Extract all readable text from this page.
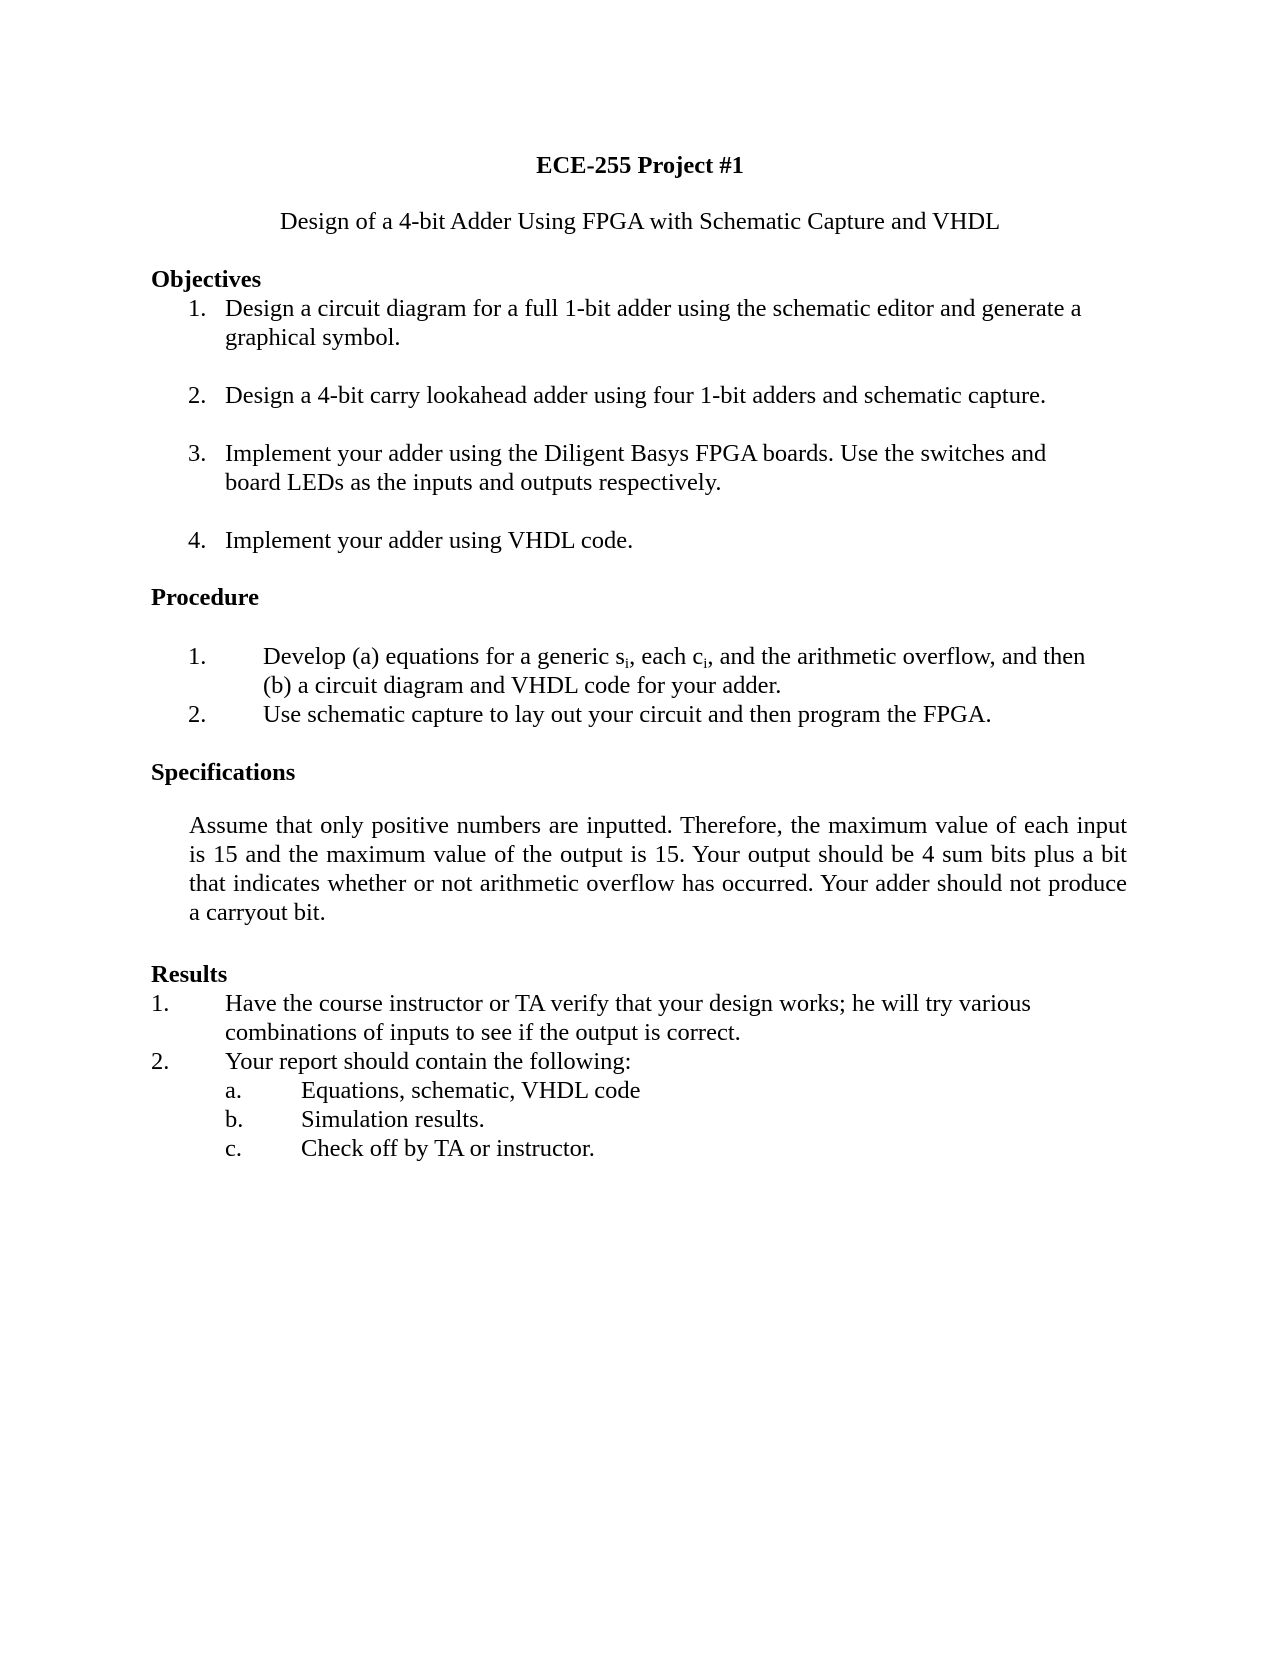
ECE-255 Project #1
Design of a 4-bit Adder Using FPGA with Schematic Capture and VHDL
Objectives
1. Design a circuit diagram for a full 1-bit adder using the schematic editor and generate a
graphical symbol.
2. Design a 4-bit carry lookahead adder using four 1-bit adders and schematic capture.
3. Implement your adder using the Diligent Basys FPGA boards. Use the switches and
board LEDs as the inputs and outputs respectively.
4. Implement your adder using VHDL code.
Procedure
1. Develop (a) equations for a generic $s_i$, each $c_i$, and the arithmetic overflow, and then
(b) a circuit diagram and VHDL code for your adder.
2. Use schematic capture to lay out your circuit and then program the FPGA.
Specifications
Assume that only positive numbers are inputted. Therefore, the maximum value of each input is 15 and the maximum value of the output is 15. Your output should be 4 sum bits plus a bit that indicates whether or not arithmetic overflow has occurred. Your adder should not produce a carryout bit.
Results
1. Have the course instructor or TA verify that your design works; he will try various
combinations of inputs to see if the output is correct.
2. Your report should contain the following:
a. Equations, schematic, VHDL code
b. Simulation results.
c. Check off by TA or instructor.
